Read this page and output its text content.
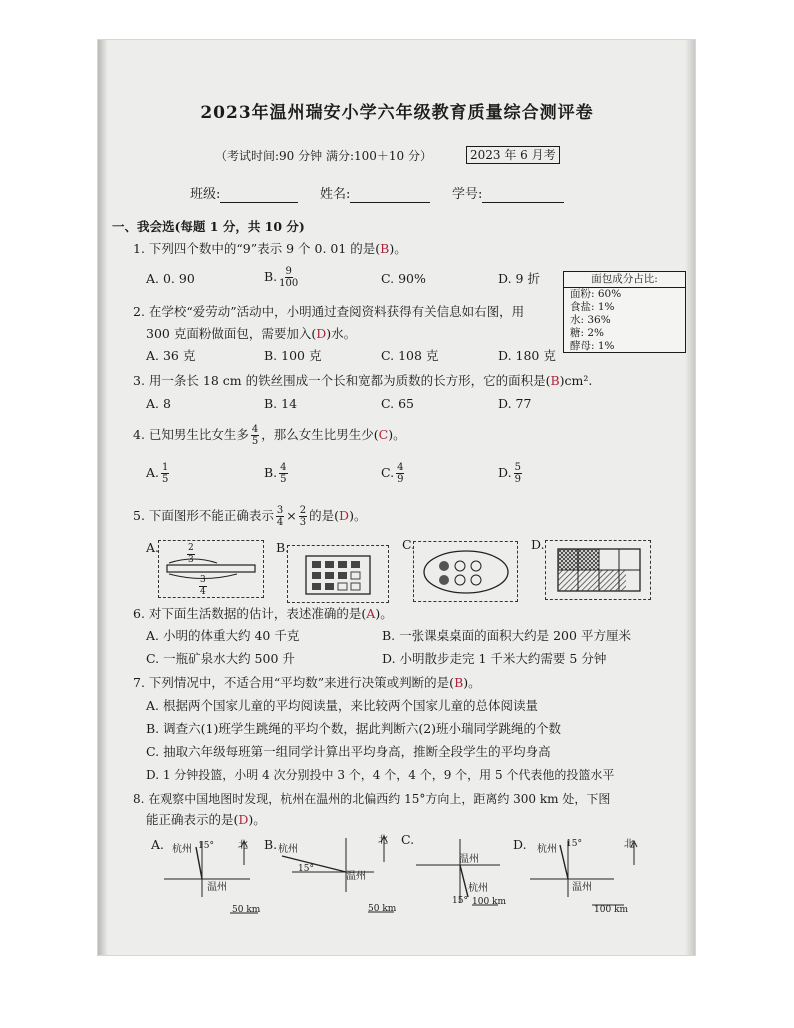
2023年温州瑞安小学六年级教育质量综合测评卷
（考试时间:90 分钟 满分:100＋10 分）	2023 年 6 月考
班级:	姓名:	学号:
一、我会选(每题 1 分，共 10 分)
1. 下列四个数中的“9”表示 9 个 0. 01 的是(B)。
A. 0. 90	B. $\frac{9}{100}$	C. 90%	D. 9 折	面包成分占比:
面粉: 60%
食盐: 1%
水: 36%
糖: 2%
酵母: 1%
2. 在学校“爱劳动”活动中，小明通过查阅资料获得有关信息如右图，用
300 克面粉做面包，需要加入(D)水。
A. 36 克	B. 100 克	C. 108 克	D. 180 克
3. 用一条长 18 cm 的铁丝围成一个长和宽都为质数的长方形，它的面积是(B)cm².
A. 8	B. 14	C. 65	D. 77
4. 已知男生比女生多 $\frac{4}{5}$ ，那么女生比男生少(C)。
A. $\frac{1}{5}$	B. $\frac{4}{5}$	C. $\frac{4}{9}$	D. $\frac{5}{9}$
5. 下面图形不能正确表示 $\frac{3}{4} \times \frac{2}{3}$ 的是(D)。
A.	$\frac{2}{3}$
$\frac{3}{4}$
B.	C.	D.
6. 对下面生活数据的估计，表述准确的是(A)。
A. 小明的体重大约 40 千克	B. 一张课桌桌面的面积大约是 200 平方厘米
C. 一瓶矿泉水大约 500 升	D. 小明散步走完 1 千米大约需要 5 分钟
7. 下列情况中，不适合用“平均数”来进行决策或判断的是(B)。
A. 根据两个国家儿童的平均阅读量，来比较两个国家儿童的总体阅读量
B. 调查六(1)班学生跳绳的平均个数，据此判断六(2)班小瑞同学跳绳的个数
C. 抽取六年级每班第一组同学计算出平均身高，推断全段学生的平均身高
D. 1 分钟投篮，小明 4 次分别投中 3 个，4 个，4 个，9 个，用 5 个代表他的投篮水平
8. 在观察中国地图时发现，杭州在温州的北偏西约 15°方向上，距离约 300 km 处，下图
能正确表示的是(D)。
A. 杭州 15° 北
温州
50 km
B. 杭州
15°
北
温州
50 km
C.
温州
杭州
15° 100 km
D. 杭州 15°	北
温州
100 km
